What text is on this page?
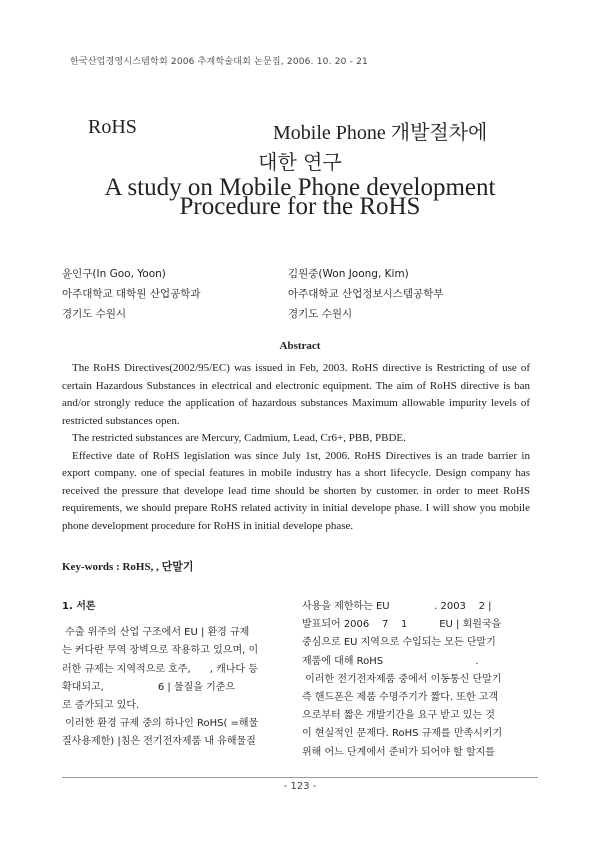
한국산업경영시스템학회 2006 추계학술대회 논문집, 2006. 10. 20 - 21
RoHS	Mobile Phone 개발절차에
대한 연구
A study on Mobile Phone development
Procedure for the RoHS
윤인구(In Goo, Yoon)
아주대학교 대학원 산업공학과
경기도 수원시
김원중(Won Joong, Kim)
아주대학교 산업정보시스템공학부
경기도 수원시
Abstract

The RoHS Directives(2002/95/EC) was issued in Feb, 2003. RoHS directive is Restricting of use of certain Hazardous Substances in electrical and electronic equipment. The aim of RoHS directive is ban and/or strongly reduce the application of hazardous substances Maximum allowable impurity levels of restricted substances open.

The restricted substances are Mercury, Cadmium, Lead, Cr6+, PBB, PBDE.

Effective date of RoHS legislation was since July 1st, 2006. RoHS Directives is an trade barrier in export company. one of special features in mobile industry has a short lifecycle. Design company has received the pressure that develope lead time should be shorten by customer. in order to meet RoHS requirements, we should prepare RoHS related activity in initial develope phase. I will show you mobile phone development procedure for RoHS in initial develope phase.

Key-words : RoHS, , 단말기
1. 서론
수출 위주의 산업 구조에서 EU | 환경 규제
는 커다란 무역 장벽으로 작용하고 있으며, 이
러한 규제는 지역적으로 호주,      , 캐나다 등
확대되고,                 6 | 물질을 기준으
로 증가되고 있다.
이러한 환경 규제 중의 하나인 RoHS( =해물
질사용제한) |침은 전기전자제품 내 유해물질
사용을 제한하는 EU              . 2003    2 |
발표되어 2006    7    1          EU | 회원국을
중심으로 EU 지역으로 수입되는 모든 단말기
제품에 대해 RoHS                             .
이러한 전기전자제품 중에서 이동통신 단말기
즉 핸드폰은 제품 수명주기가 짧다. 또한 고객
으로부터 짧은 개발기간을 요구 받고 있는 것
이 현실적인 문제다. RoHS 규제를 만족시키기
위해 어느 단계에서 준비가 되어야 할 할지를
- 123 -
